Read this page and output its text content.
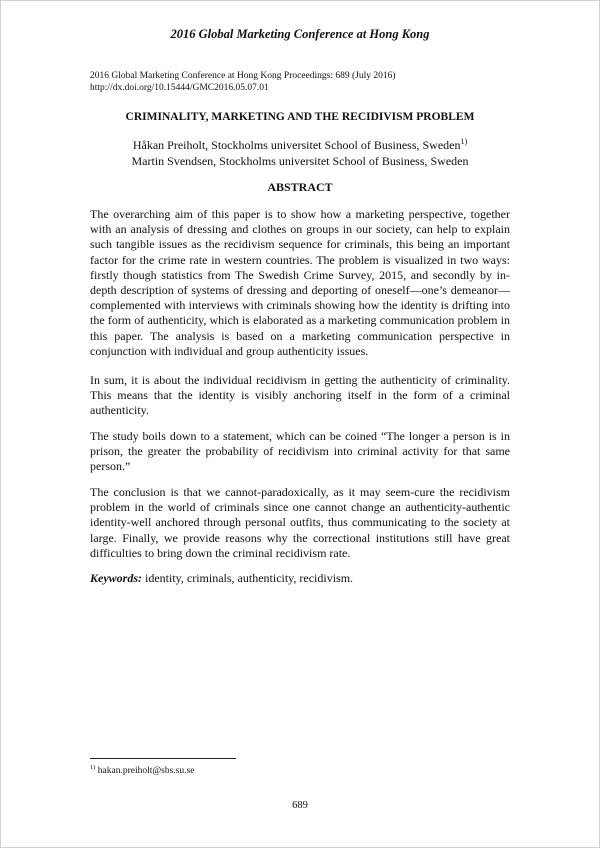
2016 Global Marketing Conference at Hong Kong
2016 Global Marketing Conference at Hong Kong Proceedings: 689 (July 2016)
http://dx.doi.org/10.15444/GMC2016.05.07.01
CRIMINALITY, MARKETING AND THE RECIDIVISM PROBLEM
Håkan Preiholt, Stockholms universitet School of Business, Sweden$^{1)}$
Martin Svendsen, Stockholms universitet School of Business, Sweden
ABSTRACT

The overarching aim of this paper is to show how a marketing perspective, together with an analysis of dressing and clothes on groups in our society, can help to explain such tangible issues as the recidivism sequence for criminals, this being an important factor for the crime rate in western countries. The problem is visualized in two ways: firstly though statistics from The Swedish Crime Survey, 2015, and secondly by in-depth description of systems of dressing and deporting of oneself—one’s demeanor—complemented with interviews with criminals showing how the identity is drifting into the form of authenticity, which is elaborated as a marketing communication problem in this paper. The analysis is based on a marketing communication perspective in conjunction with individual and group authenticity issues.

In sum, it is about the individual recidivism in getting the authenticity of criminality. This means that the identity is visibly anchoring itself in the form of a criminal authenticity.

The study boils down to a statement, which can be coined “The longer a person is in prison, the greater the probability of recidivism into criminal activity for that same person.”

The conclusion is that we cannot-paradoxically, as it may seem-cure the recidivism problem in the world of criminals since one cannot change an authenticity-authentic identity-well anchored through personal outfits, thus communicating to the society at large. Finally, we provide reasons why the correctional institutions still have great difficulties to bring down the criminal recidivism rate.

Keywords: identity, criminals, authenticity, recidivism.

$^{1)}$ hakan.preiholt@sbs.su.se
689
